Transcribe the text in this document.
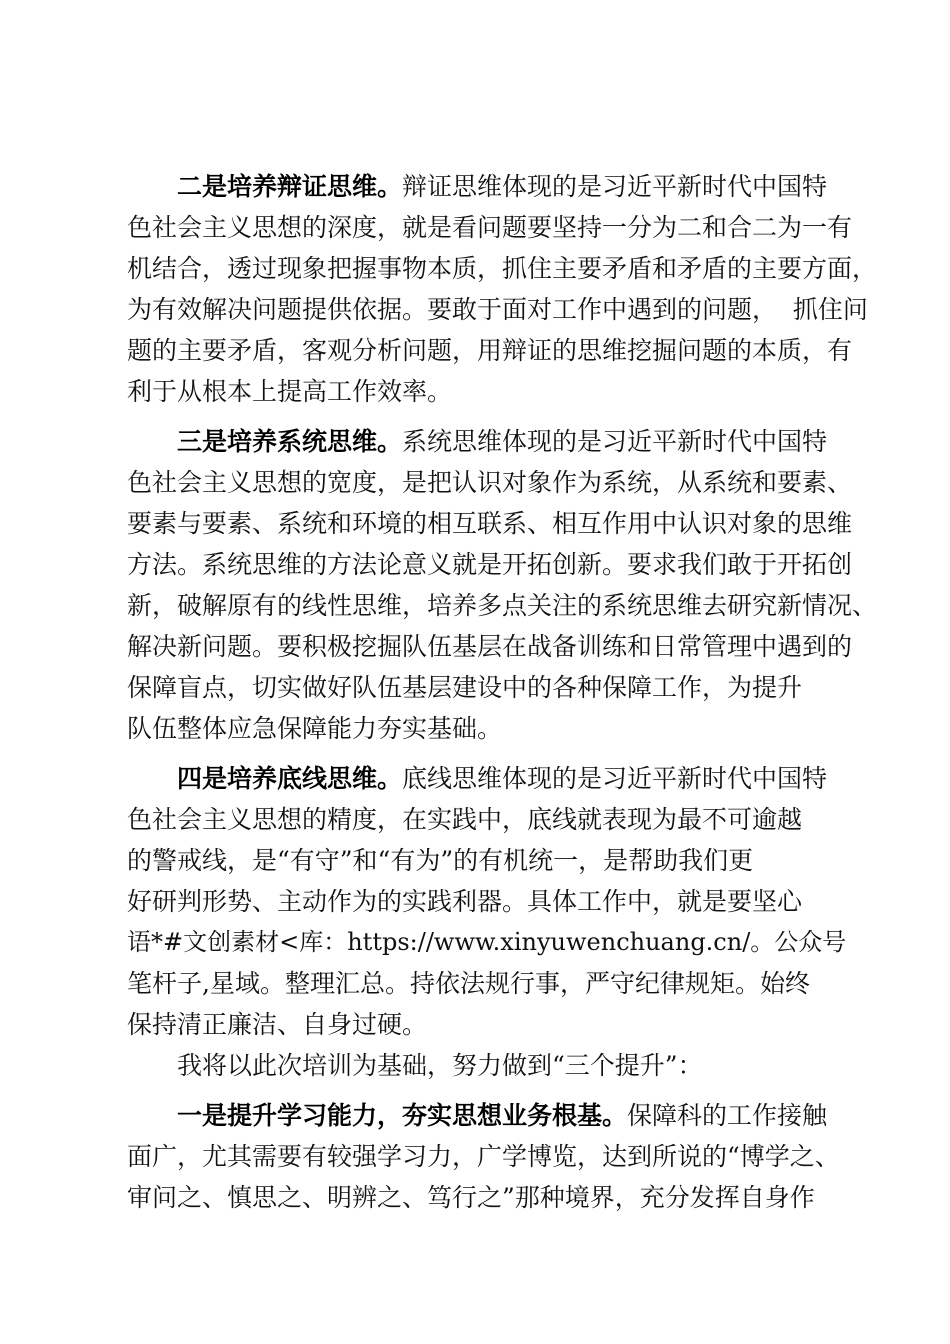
二是培养辩证思维。辩证思维体现的是习近平新时代中国特
色社会主义思想的深度，就是看问题要坚持一分为二和合二为一有
机结合，透过现象把握事物本质，抓住主要矛盾和矛盾的主要方面，
为有效解决问题提供依据。要敢于面对工作中遇到的问题，  抓住问
题的主要矛盾，客观分析问题，用辩证的思维挖掘问题的本质，有
利于从根本上提高工作效率。

三是培养系统思维。系统思维体现的是习近平新时代中国特
色社会主义思想的宽度，是把认识对象作为系统，从系统和要素、
要素与要素、系统和环境的相互联系、相互作用中认识对象的思维
方法。系统思维的方法论意义就是开拓创新。要求我们敢于开拓创
新，破解原有的线性思维，培养多点关注的系统思维去研究新情况、
解决新问题。要积极挖掘队伍基层在战备训练和日常管理中遇到的
保障盲点，切实做好队伍基层建设中的各种保障工作，为提升
队伍整体应急保障能力夯实基础。

四是培养底线思维。底线思维体现的是习近平新时代中国特
色社会主义思想的精度，在实践中，底线就表现为最不可逾越
的警戒线，是“有守”和“有为”的有机统一，是帮助我们更
好研判形势、主动作为的实践利器。具体工作中，就是要坚心
语*#文创素材<库：https://www.xinyuwenchuang.cn/。公众号
笔杆子,星域。整理汇总。持依法规行事，严守纪律规矩。始终
保持清正廉洁、自身过硬。

我将以此次培训为基础，努力做到“三个提升”：

一是提升学习能力，夯实思想业务根基。保障科的工作接触
面广，尤其需要有较强学习力，广学博览，达到所说的“博学之、
审问之、慎思之、明辨之、笃行之”那种境界，充分发挥自身作
